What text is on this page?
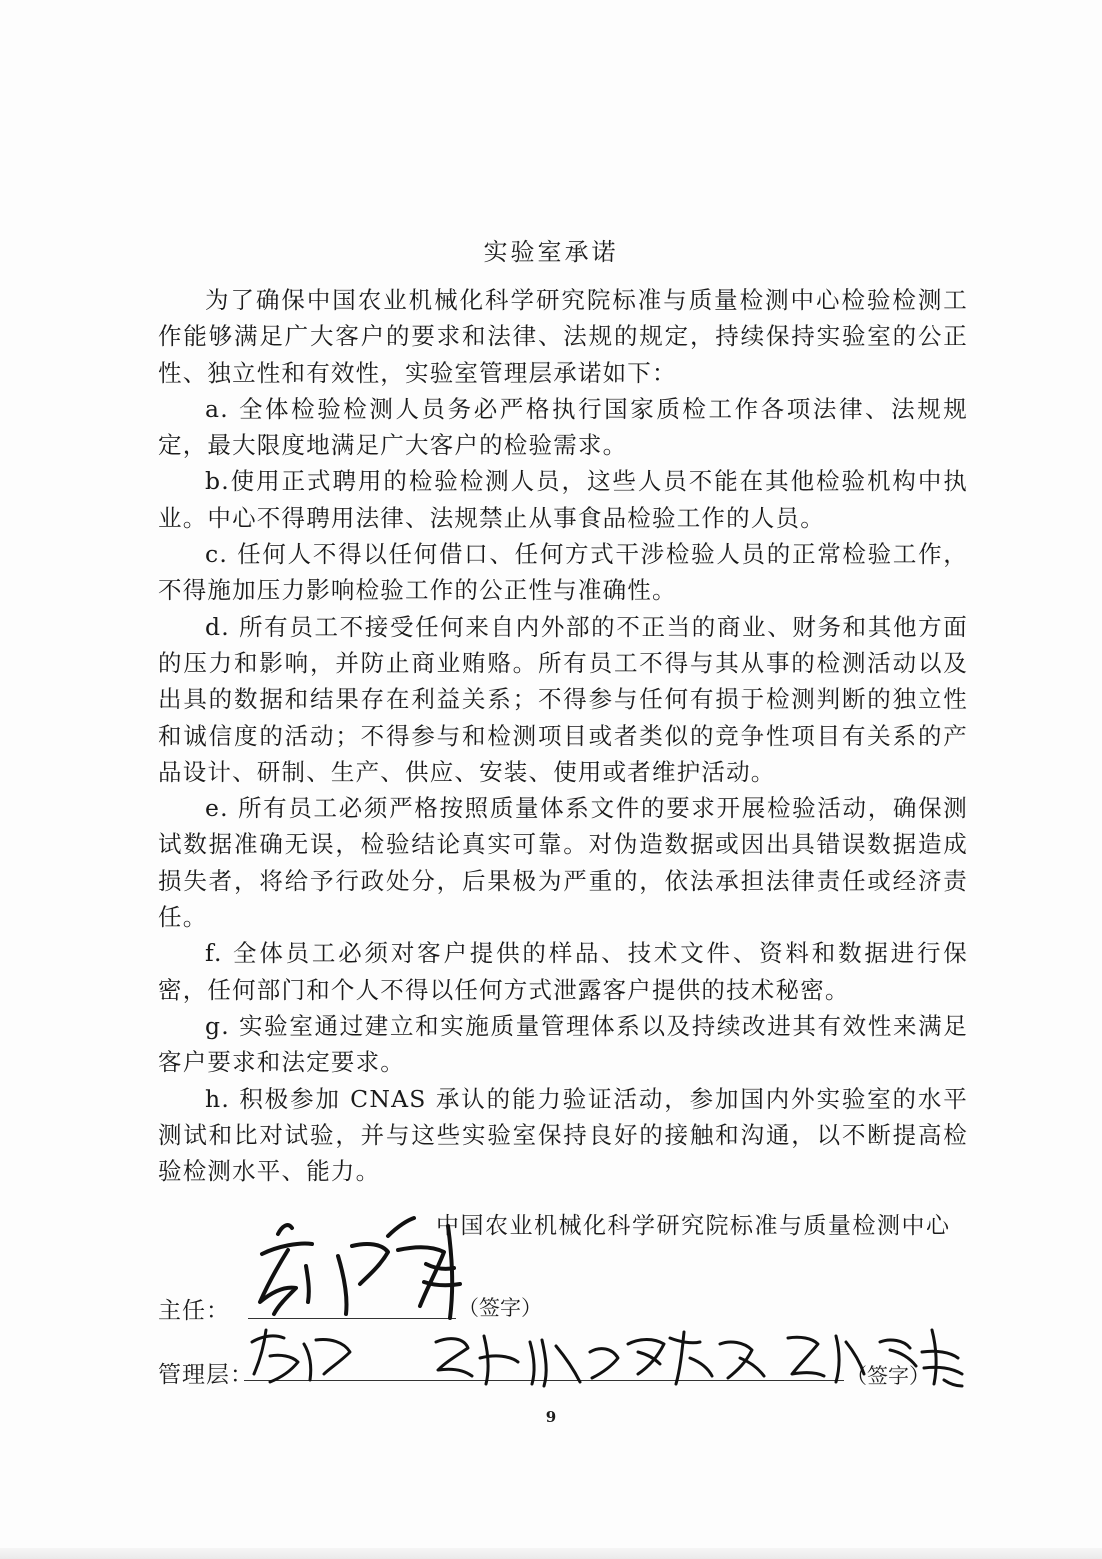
实验室承诺

为了确保中国农业机械化科学研究院标准与质量检测中心检验检测工作能够满足广大客户的要求和法律、法规的规定，持续保持实验室的公正性、独立性和有效性，实验室管理层承诺如下：

a. 全体检验检测人员务必严格执行国家质检工作各项法律、法规规定，最大限度地满足广大客户的检验需求。

b.使用正式聘用的检验检测人员，这些人员不能在其他检验机构中执业。中心不得聘用法律、法规禁止从事食品检验工作的人员。

c. 任何人不得以任何借口、任何方式干涉检验人员的正常检验工作，不得施加压力影响检验工作的公正性与准确性。

d. 所有员工不接受任何来自内外部的不正当的商业、财务和其他方面的压力和影响，并防止商业贿赂。所有员工不得与其从事的检测活动以及出具的数据和结果存在利益关系；不得参与任何有损于检测判断的独立性和诚信度的活动；不得参与和检测项目或者类似的竞争性项目有关系的产品设计、研制、生产、供应、安装、使用或者维护活动。

e. 所有员工必须严格按照质量体系文件的要求开展检验活动，确保测试数据准确无误，检验结论真实可靠。对伪造数据或因出具错误数据造成损失者，将给予行政处分，后果极为严重的，依法承担法律责任或经济责任。

f. 全体员工必须对客户提供的样品、技术文件、资料和数据进行保密，任何部门和个人不得以任何方式泄露客户提供的技术秘密。

g. 实验室通过建立和实施质量管理体系以及持续改进其有效性来满足客户要求和法定要求。

h. 积极参加 CNAS 承认的能力验证活动，参加国内外实验室的水平测试和比对试验，并与这些实验室保持良好的接触和沟通，以不断提高检验检测水平、能力。

中国农业机械化科学研究院标准与质量检测中心
主任：	（签字）
管理层：	（签字）
9
